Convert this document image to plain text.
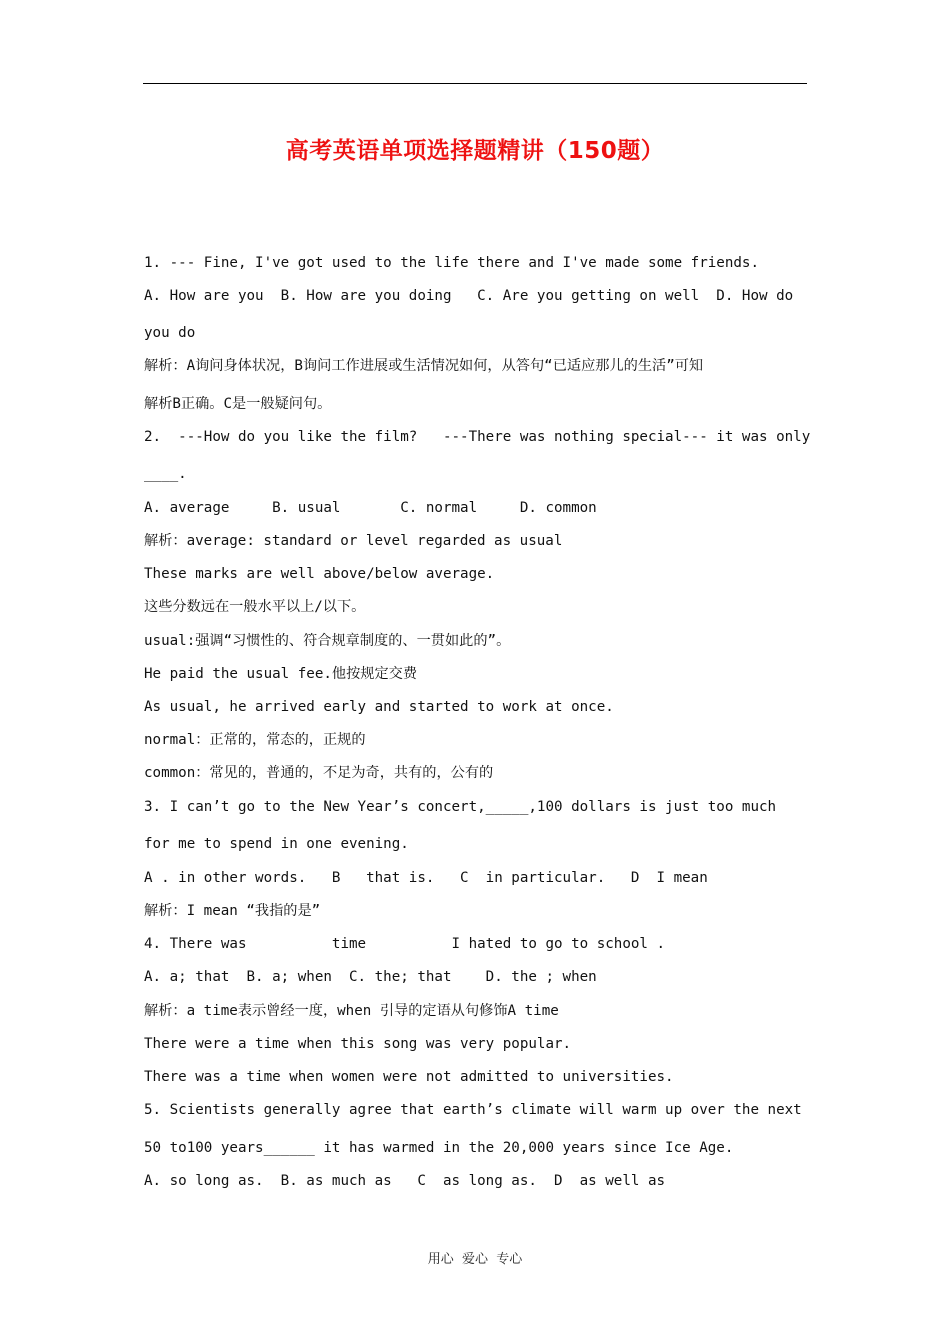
高考英语单项选择题精讲（150题）
1. --- Fine, I've got used to the life there and I've made some friends.
A. How are you  B. How are you doing   C. Are you getting on well  D. How do
you do
解析：A询问身体状况，B询问工作进展或生活情况如何，从答句“已适应那儿的生活”可知
解析B正确。C是一般疑问句。
2.  ---How do you like the film?   ---There was nothing special--- it was only
____.
A. average     B. usual       C. normal     D. common
解析：average: standard or level regarded as usual
These marks are well above/below average.
这些分数远在一般水平以上/以下。
usual:强调“习惯性的、符合规章制度的、一贯如此的”。
He paid the usual fee.他按规定交费
As usual, he arrived early and started to work at once.
normal：正常的，常态的，正规的
common：常见的，普通的，不足为奇，共有的，公有的
3. I can’t go to the New Year’s concert,_____,100 dollars is just too much
for me to spend in one evening.
A . in other words.   B   that is.   C  in particular.   D  I mean
解析：I mean “我指的是”
4. There was          time          I hated to go to school .
A. a; that  B. a; when  C. the; that    D. the ; when
解析：a time表示曾经一度，when 引导的定语从句修饰A time
There were a time when this song was very popular.
There was a time when women were not admitted to universities.
5. Scientists generally agree that earth’s climate will warm up over the next
50 to100 years______ it has warmed in the 20,000 years since Ice Age.
A. so long as.  B. as much as   C  as long as.  D  as well as
用心  爱心  专心
